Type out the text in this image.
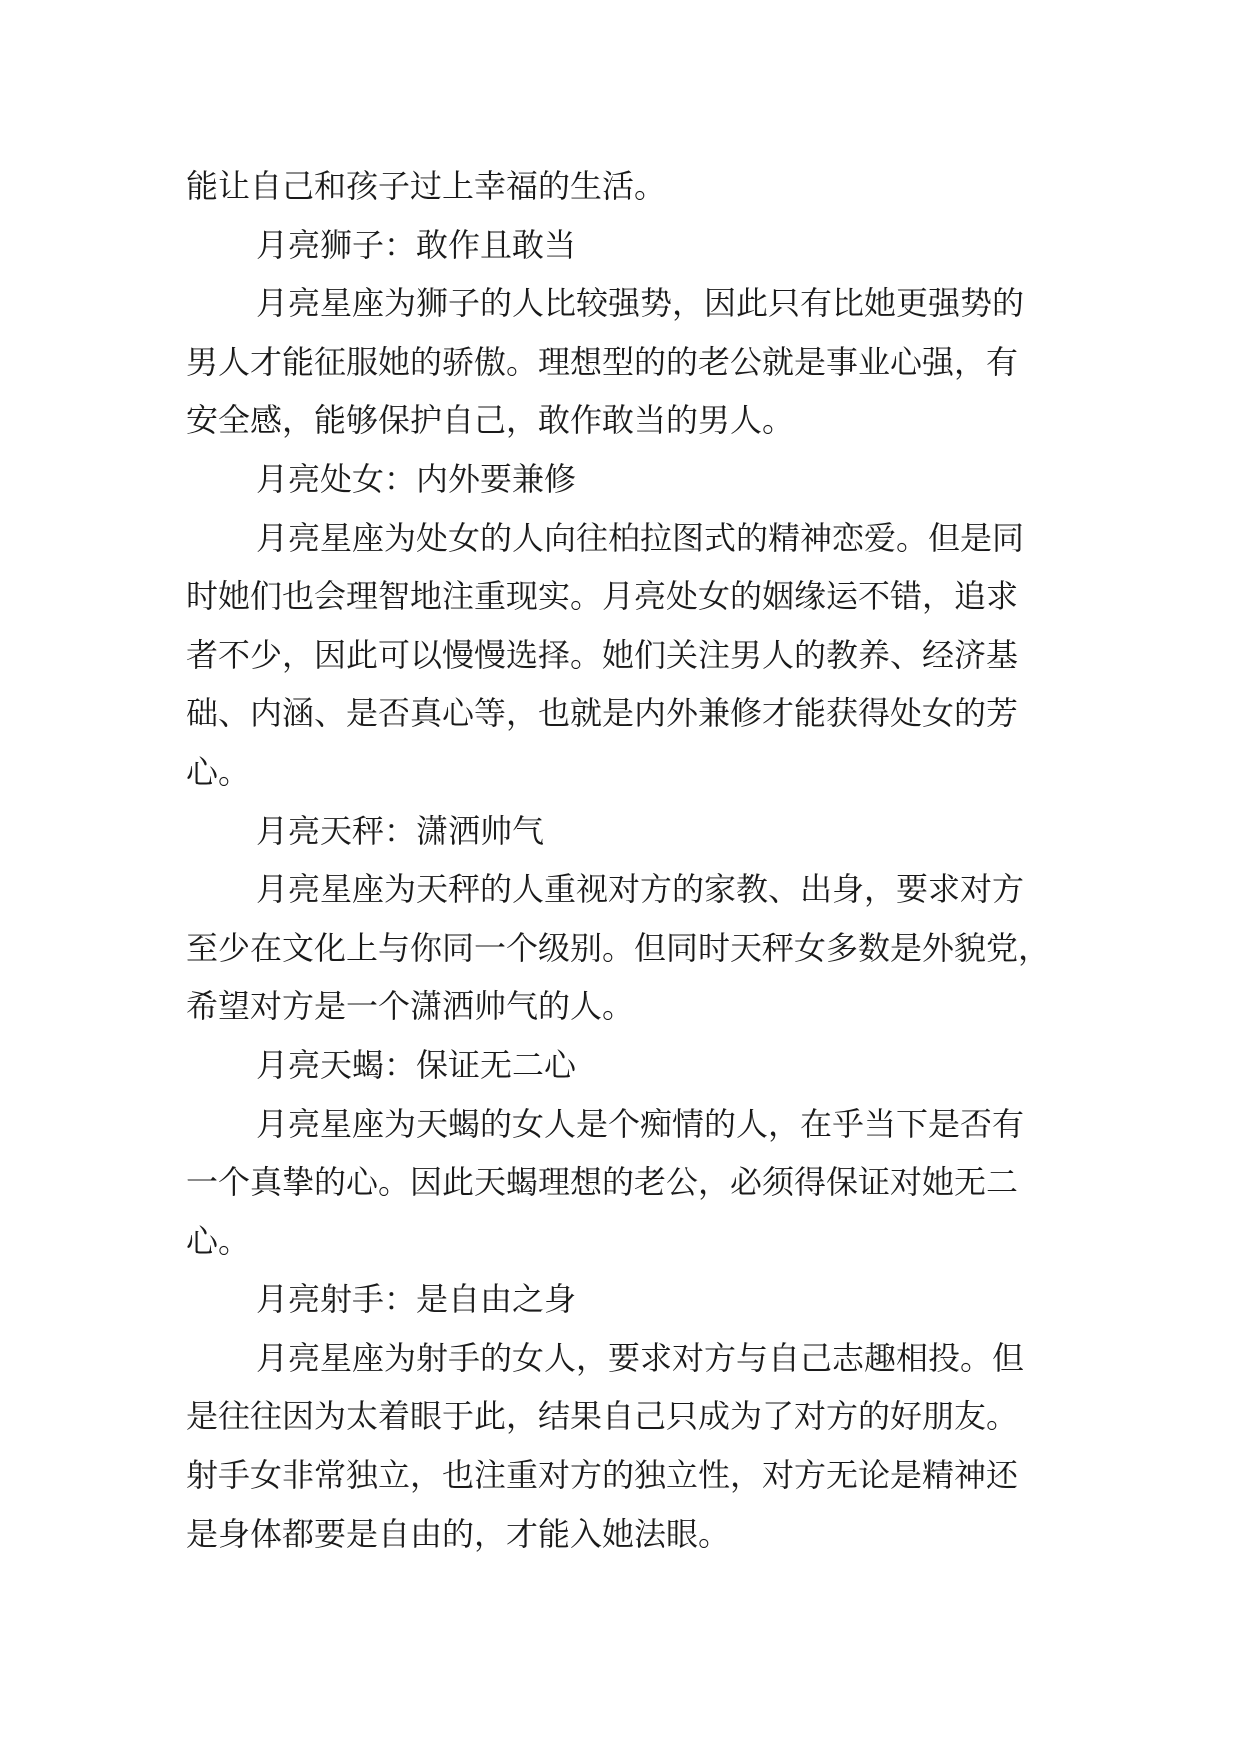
能让自己和孩子过上幸福的生活。
月亮狮子：敢作且敢当
月亮星座为狮子的人比较强势，因此只有比她更强势的
男人才能征服她的骄傲。理想型的的老公就是事业心强，有
安全感，能够保护自己，敢作敢当的男人。
月亮处女：内外要兼修
月亮星座为处女的人向往柏拉图式的精神恋爱。但是同
时她们也会理智地注重现实。月亮处女的姻缘运不错，追求
者不少，因此可以慢慢选择。她们关注男人的教养、经济基
础、内涵、是否真心等，也就是内外兼修才能获得处女的芳
心。
月亮天秤：潇洒帅气
月亮星座为天秤的人重视对方的家教、出身，要求对方
至少在文化上与你同一个级别。但同时天秤女多数是外貌党，
希望对方是一个潇洒帅气的人。
月亮天蝎：保证无二心
月亮星座为天蝎的女人是个痴情的人，在乎当下是否有
一个真挚的心。因此天蝎理想的老公，必须得保证对她无二
心。
月亮射手：是自由之身
月亮星座为射手的女人，要求对方与自己志趣相投。但
是往往因为太着眼于此，结果自己只成为了对方的好朋友。
射手女非常独立，也注重对方的独立性，对方无论是精神还
是身体都要是自由的，才能入她法眼。
